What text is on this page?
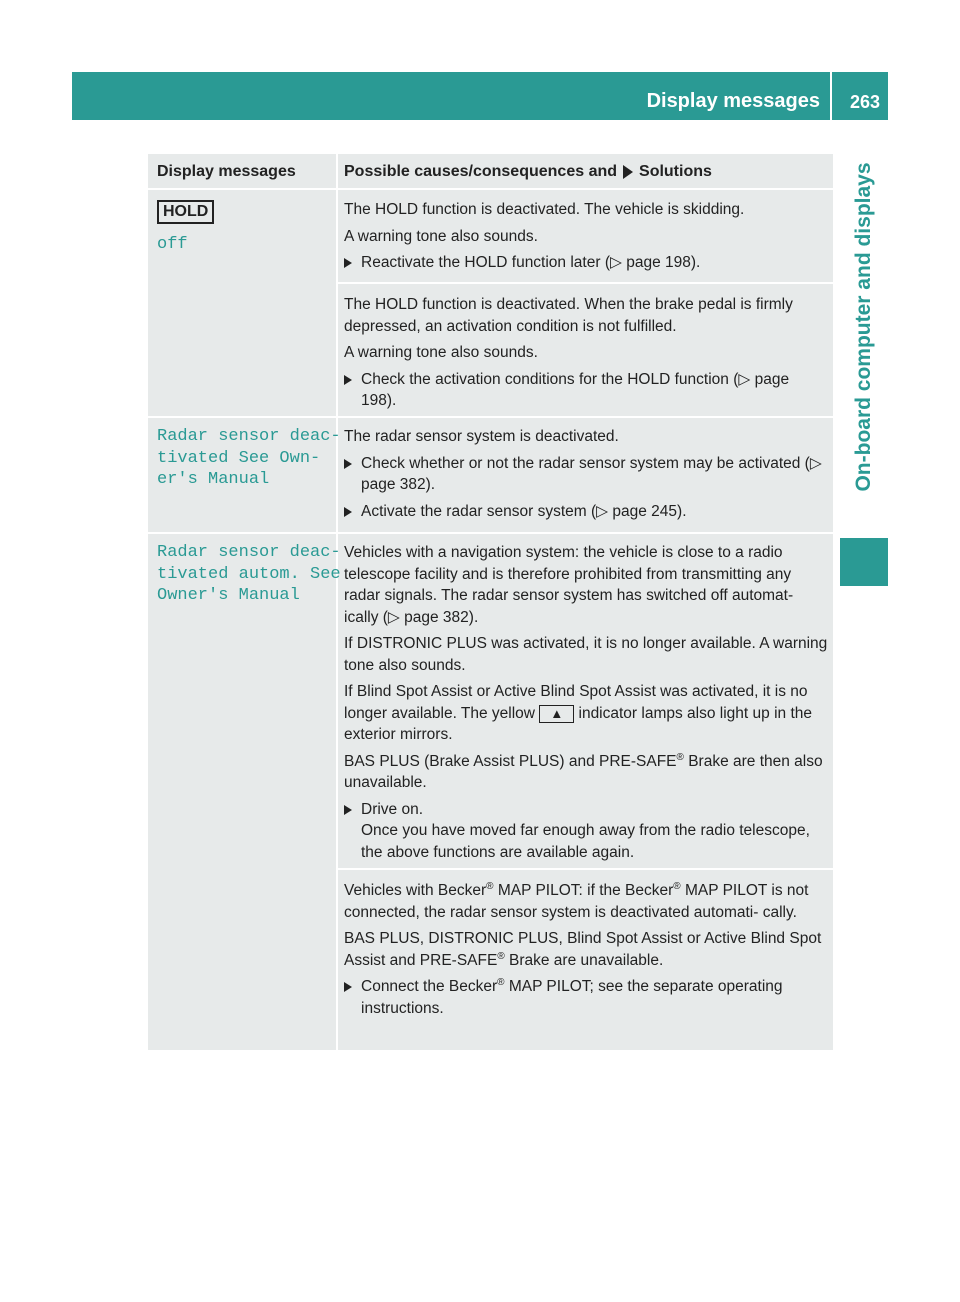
Display messages 263
On-board computer and displays
Display messages	Possible causes/consequences and Solutions
HOLD
off

The HOLD function is deactivated. The vehicle is skidding.

A warning tone also sounds.

Reactivate the HOLD function later (▷ page 198).

The HOLD function is deactivated. When the brake pedal is firmly depressed, an activation condition is not fulfilled.

A warning tone also sounds.

Check the activation conditions for the HOLD function (▷ page 198).
Radar sensor deac‐
tivated See Own‐
er's Manual

The radar sensor system is deactivated.

Check whether or not the radar sensor system may be activated (▷ page 382).
Activate the radar sensor system (▷ page 245).
Radar sensor deac‐
tivated autom. See
Owner's Manual

Vehicles with a navigation system: the vehicle is close to a radio telescope facility and is therefore prohibited from transmitting any radar signals. The radar sensor system has switched off automat- ically (▷ page 382).

If DISTRONIC PLUS was activated, it is no longer available. A warning tone also sounds.

If Blind Spot Assist or Active Blind Spot Assist was activated, it is no longer available. The yellow ▲ indicator lamps also light up in the exterior mirrors.

BAS PLUS (Brake Assist PLUS) and PRE-SAFE® Brake are then also unavailable.

Drive on.
Once you have moved far enough away from the radio telescope, the above functions are available again.

Vehicles with Becker® MAP PILOT: if the Becker® MAP PILOT is not connected, the radar sensor system is deactivated automati- cally.

BAS PLUS, DISTRONIC PLUS, Blind Spot Assist or Active Blind Spot Assist and PRE-SAFE® Brake are unavailable.

Connect the Becker® MAP PILOT; see the separate operating instructions.
